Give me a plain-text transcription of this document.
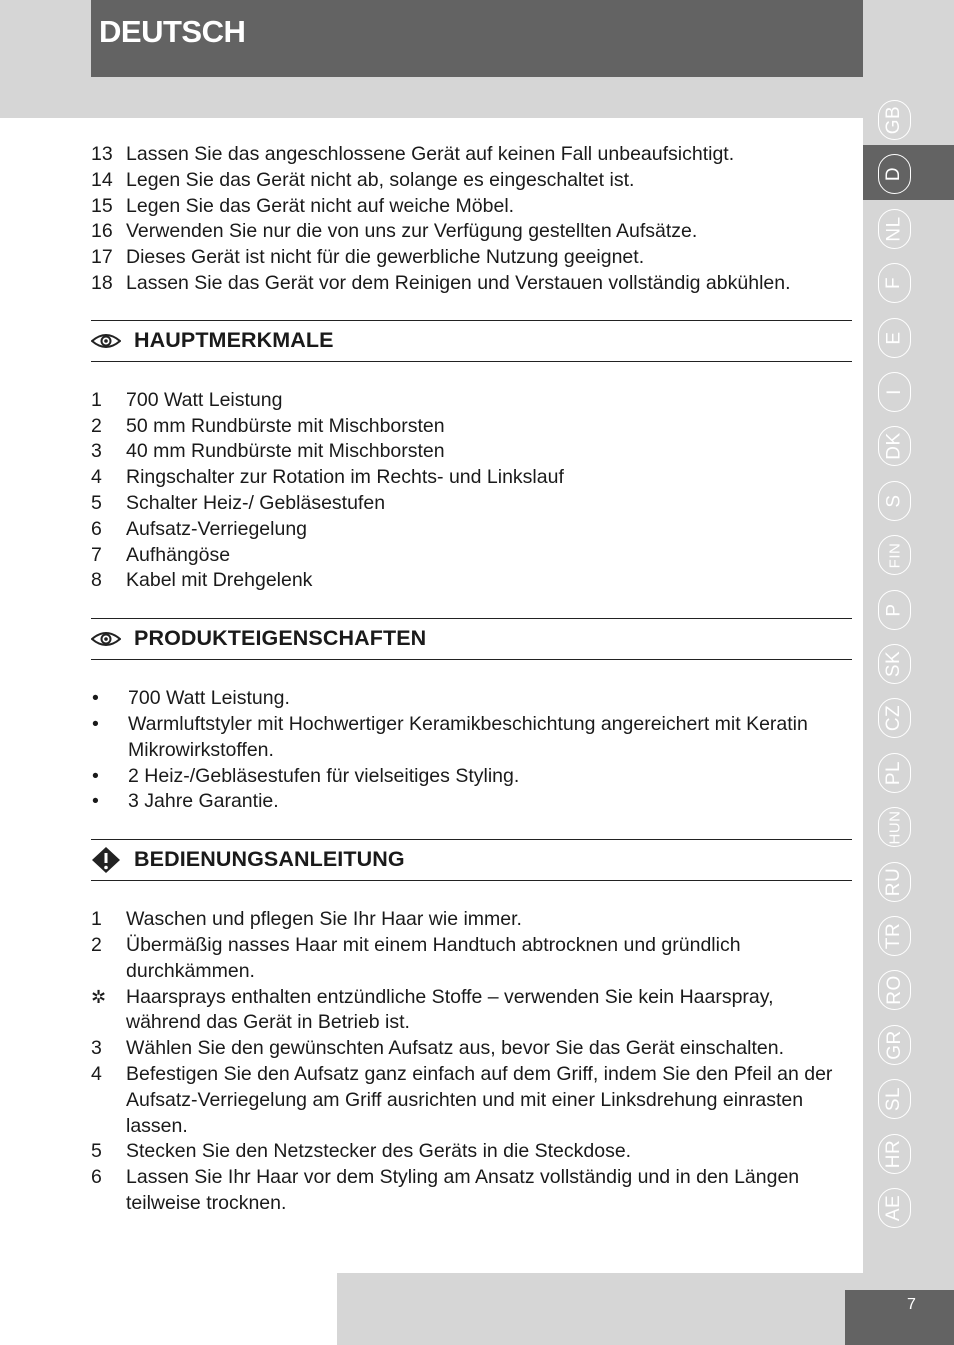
DEUTSCH
GB
D
NL
F
E
I
DK
S
FIN
P
SK
CZ
PL
HUN
RU
TR
RO
GR
SL
HR
AE
13 Lassen Sie das angeschlossene Gerät auf keinen Fall unbeaufsichtigt.
14 Legen Sie das Gerät nicht ab, solange es eingeschaltet ist.
15 Legen Sie das Gerät nicht auf weiche Möbel.
16 Verwenden Sie nur die von uns zur Verfügung gestellten Aufsätze.
17 Dieses Gerät ist nicht für die gewerbliche Nutzung geeignet.
18 Lassen Sie das Gerät vor dem Reinigen und Verstauen vollständig abkühlen.
HAUPTMERKMALE
1	700 Watt Leistung
2	50 mm Rundbürste mit Mischborsten
3	40 mm Rundbürste mit Mischborsten
4	Ringschalter zur Rotation im Rechts- und Linkslauf
5	Schalter Heiz-/ Gebläsestufen
6	Aufsatz-Verriegelung
7	Aufhängöse
8	Kabel mit Drehgelenk
PRODUKTEIGENSCHAFTEN
•	700 Watt Leistung.
•	Warmluftstyler mit Hochwertiger Keramikbeschichtung angereichert mit Keratin Mikrowirkstoffen.
•	2 Heiz-/Gebläsestufen für vielseitiges Styling.
•	3 Jahre Garantie.
BEDIENUNGSANLEITUNG
1	Waschen und pflegen Sie Ihr Haar wie immer.
2	Übermäßig nasses Haar mit einem Handtuch abtrocknen und gründlich durchkämmen.
✲	Haarsprays enthalten entzündliche Stoffe – verwenden Sie kein Haarspray, während das Gerät in Betrieb ist.
3	Wählen Sie den gewünschten Aufsatz aus, bevor Sie das Gerät einschalten.
4	Befestigen Sie den Aufsatz ganz einfach auf dem Griff, indem Sie den Pfeil an der Aufsatz-Verriegelung am Griff ausrichten und mit einer Linksdrehung einrasten lassen.
5	Stecken Sie den Netzstecker des Geräts in die Steckdose.
6	Lassen Sie Ihr Haar vor dem Styling am Ansatz vollständig und in den Längen teilweise trocknen.
7
